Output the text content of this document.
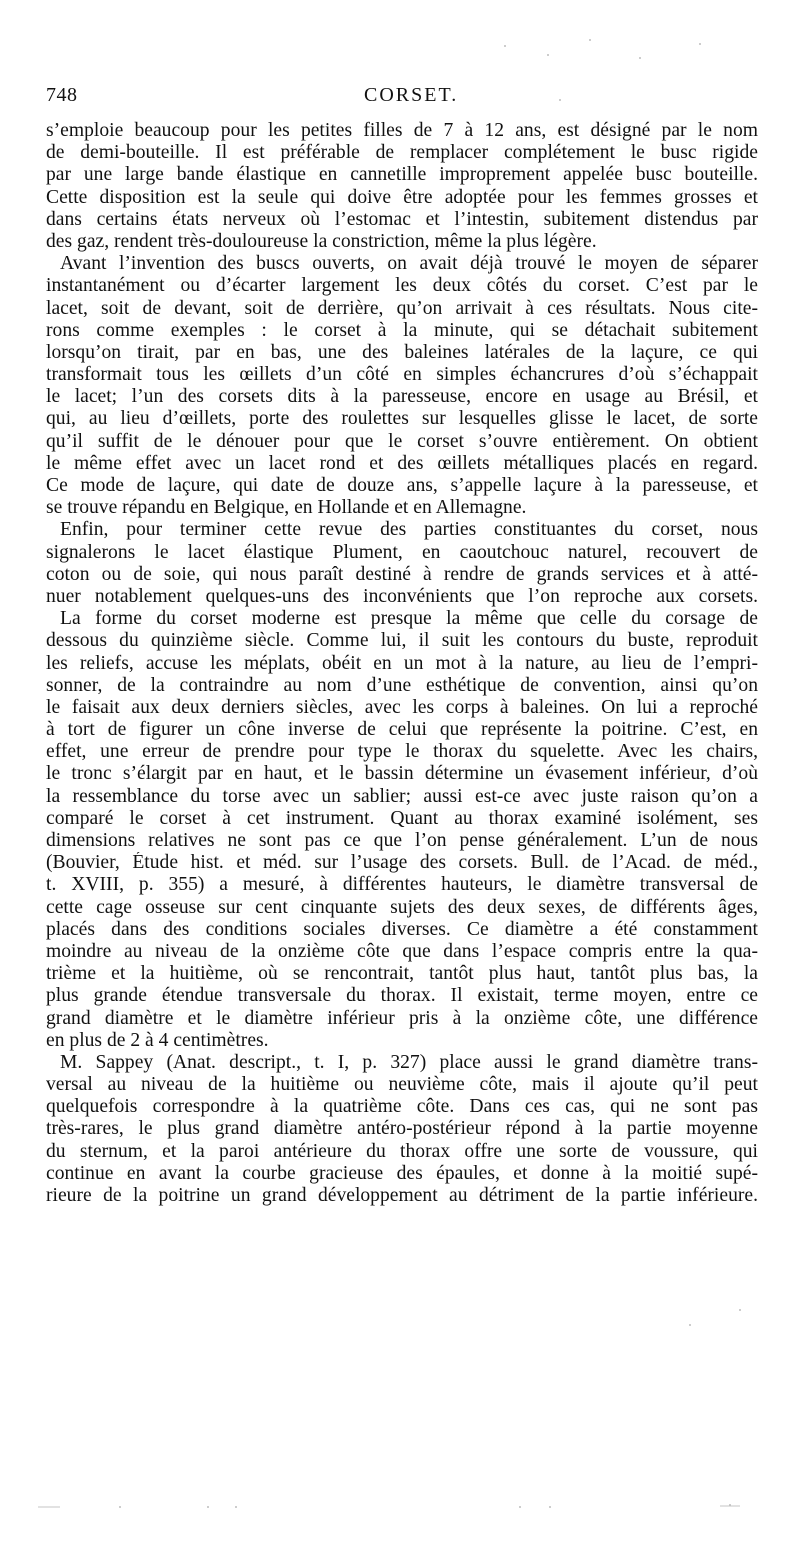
748	CORSET.
s’emploie beaucoup pour les petites filles de 7 à 12 ans, est désigné par le nom
de demi-bouteille. Il est préférable de remplacer complétement le busc rigide
par une large bande élastique en cannetille improprement appelée busc bouteille.
Cette disposition est la seule qui doive être adoptée pour les femmes grosses et
dans certains états nerveux où l’estomac et l’intestin, subitement distendus par
des gaz, rendent très-douloureuse la constriction, même la plus légère.
Avant l’invention des buscs ouverts, on avait déjà trouvé le moyen de séparer
instantanément ou d’écarter largement les deux côtés du corset. C’est par le
lacet, soit de devant, soit de derrière, qu’on arrivait à ces résultats. Nous cite-
rons comme exemples : le corset à la minute, qui se détachait subitement
lorsqu’on tirait, par en bas, une des baleines latérales de la laçure, ce qui
transformait tous les œillets d’un côté en simples échancrures d’où s’échappait
le lacet; l’un des corsets dits à la paresseuse, encore en usage au Brésil, et
qui, au lieu d’œillets, porte des roulettes sur lesquelles glisse le lacet, de sorte
qu’il suffit de le dénouer pour que le corset s’ouvre entièrement. On obtient
le même effet avec un lacet rond et des œillets métalliques placés en regard.
Ce mode de laçure, qui date de douze ans, s’appelle laçure à la paresseuse, et
se trouve répandu en Belgique, en Hollande et en Allemagne.
Enfin, pour terminer cette revue des parties constituantes du corset, nous
signalerons le lacet élastique Plument, en caoutchouc naturel, recouvert de
coton ou de soie, qui nous paraît destiné à rendre de grands services et à atté-
nuer notablement quelques-uns des inconvénients que l’on reproche aux corsets.
La forme du corset moderne est presque la même que celle du corsage de
dessous du quinzième siècle. Comme lui, il suit les contours du buste, reproduit
les reliefs, accuse les méplats, obéit en un mot à la nature, au lieu de l’empri-
sonner, de la contraindre au nom d’une esthétique de convention, ainsi qu’on
le faisait aux deux derniers siècles, avec les corps à baleines. On lui a reproché
à tort de figurer un cône inverse de celui que représente la poitrine. C’est, en
effet, une erreur de prendre pour type le thorax du squelette. Avec les chairs,
le tronc s’élargit par en haut, et le bassin détermine un évasement inférieur, d’où
la ressemblance du torse avec un sablier; aussi est-ce avec juste raison qu’on a
comparé le corset à cet instrument. Quant au thorax examiné isolément, ses
dimensions relatives ne sont pas ce que l’on pense généralement. L’un de nous
(Bouvier, Étude hist. et méd. sur l’usage des corsets. Bull. de l’Acad. de méd.,
t. XVIII, p. 355) a mesuré, à différentes hauteurs, le diamètre transversal de
cette cage osseuse sur cent cinquante sujets des deux sexes, de différents âges,
placés dans des conditions sociales diverses. Ce diamètre a été constamment
moindre au niveau de la onzième côte que dans l’espace compris entre la qua-
trième et la huitième, où se rencontrait, tantôt plus haut, tantôt plus bas, la
plus grande étendue transversale du thorax. Il existait, terme moyen, entre ce
grand diamètre et le diamètre inférieur pris à la onzième côte, une différence
en plus de 2 à 4 centimètres.
M. Sappey (Anat. descript., t. I, p. 327) place aussi le grand diamètre trans-
versal au niveau de la huitième ou neuvième côte, mais il ajoute qu’il peut
quelquefois correspondre à la quatrième côte. Dans ces cas, qui ne sont pas
très-rares, le plus grand diamètre antéro-postérieur répond à la partie moyenne
du sternum, et la paroi antérieure du thorax offre une sorte de voussure, qui
continue en avant la courbe gracieuse des épaules, et donne à la moitié supé-
rieure de la poitrine un grand développement au détriment de la partie inférieure.
